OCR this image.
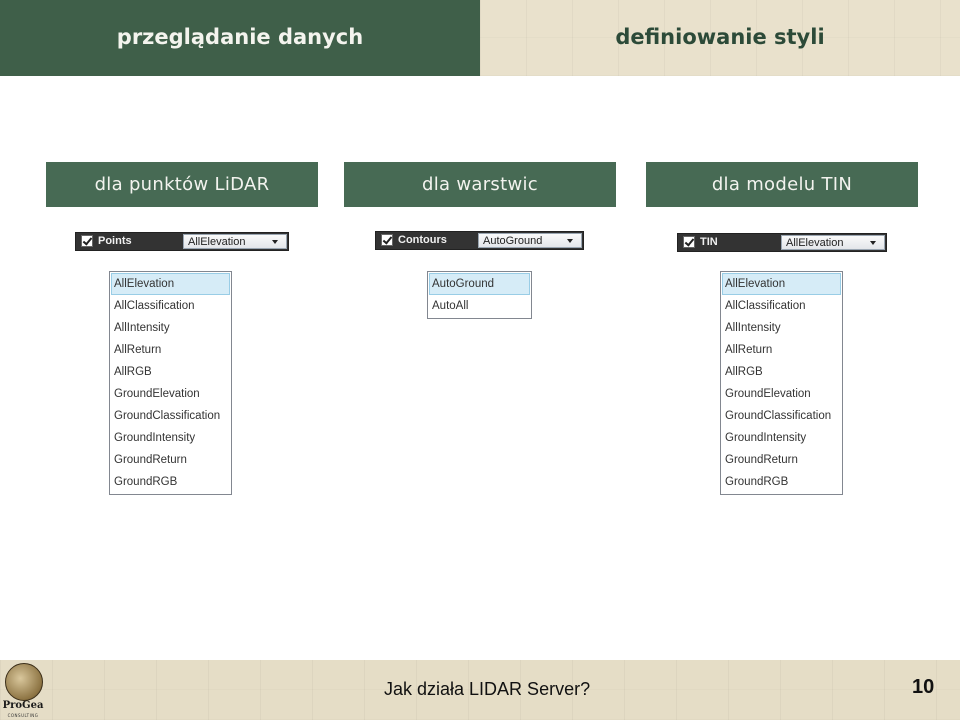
przeglądanie danych	definiowanie styli
dla punktów LiDAR	dla warstwic	dla modelu TIN
Points	AllElevation
AllElevation
AllClassification
AllIntensity
AllReturn
AllRGB
GroundElevation
GroundClassification
GroundIntensity
GroundReturn
GroundRGB
Contours	AutoGround
AutoGround
AutoAll
TIN	AllElevation
AllElevation
AllClassification
AllIntensity
AllReturn
AllRGB
GroundElevation
GroundClassification
GroundIntensity
GroundReturn
GroundRGB
ProGea
CONSULTING
Jak działa LIDAR Server?	10
